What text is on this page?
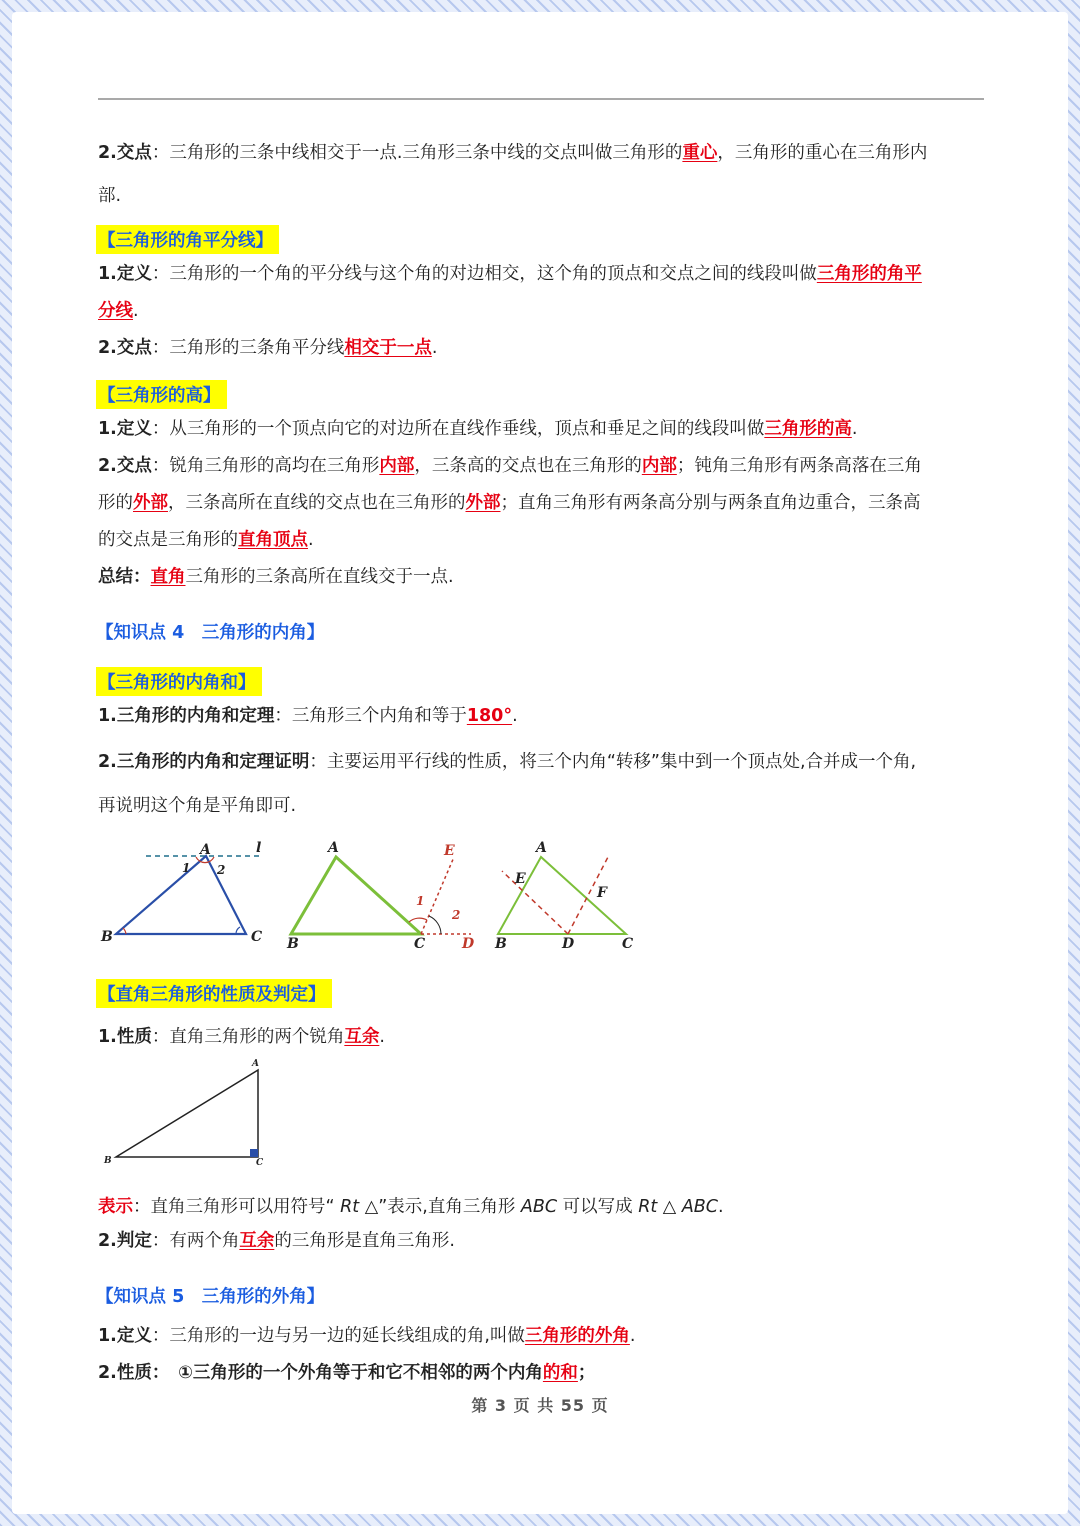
2.交点：三角形的三条中线相交于一点.三角形三条中线的交点叫做三角形的重心，三角形的重心在三角形内
部.
【三角形的角平分线】
1.定义：三角形的一个角的平分线与这个角的对边相交，这个角的顶点和交点之间的线段叫做三角形的角平
分线.
2.交点：三角形的三条角平分线相交于一点.
【三角形的高】
1.定义：从三角形的一个顶点向它的对边所在直线作垂线，顶点和垂足之间的线段叫做三角形的高.
2.交点：锐角三角形的高均在三角形内部，三条高的交点也在三角形的内部；钝角三角形有两条高落在三角
形的外部，三条高所在直线的交点也在三角形的外部；直角三角形有两条高分别与两条直角边重合，三条高
的交点是三角形的直角顶点.
总结：直角三角形的三条高所在直线交于一点.
【知识点 4　三角形的内角】
【三角形的内角和】
1.三角形的内角和定理：三角形三个内角和等于180°.
2.三角形的内角和定理证明：主要运用平行线的性质，将三个内角“转移”集中到一个顶点处,合并成一个角,
再说明这个角是平角即可.
A
B	C
l
1 2
A
B	C	D
E
1
2
A
B	C
D
E
F
【直角三角形的性质及判定】
1.性质：直角三角形的两个锐角互余.
A
B	C
表示：直角三角形可以用符号“ Rt △”表示,直角三角形 ABC 可以写成 Rt △ ABC.
2.判定：有两个角互余的三角形是直角三角形.
【知识点 5　三角形的外角】
1.定义：三角形的一边与另一边的延长线组成的角,叫做三角形的外角.
2.性质：　①三角形的一个外角等于和它不相邻的两个内角的和；
第 3 页 共 55 页
